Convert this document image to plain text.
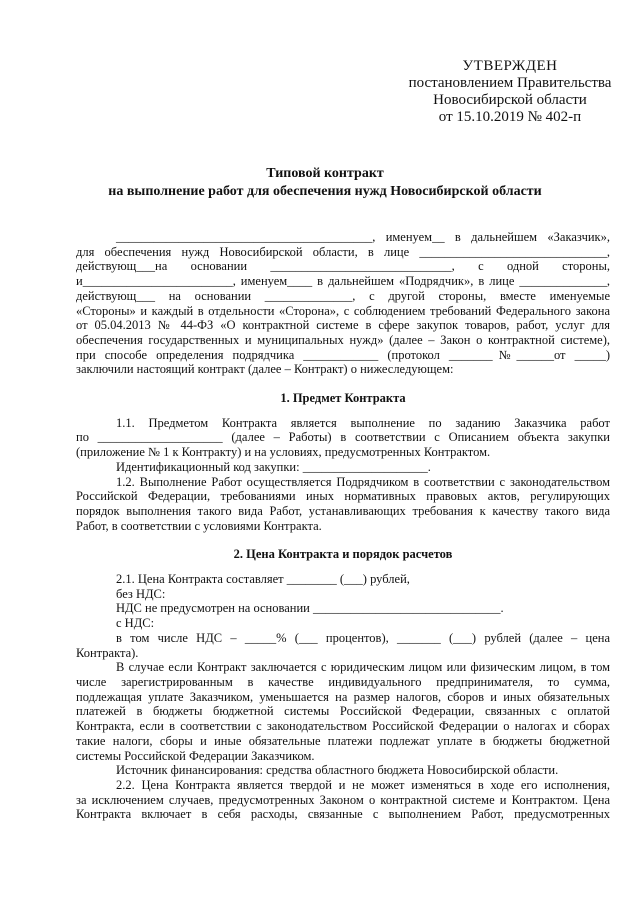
УТВЕРЖДЕН
постановлением Правительства
Новосибирской области
от 15.10.2019 № 402-п
Типовой контракт
на выполнение работ для обеспечения нужд Новосибирской области

_________________________________________, именуем__ в дальнейшем «Заказчик»,

для обеспечения нужд Новосибирской области, в лице ______________________________,

действующ___на основании _____________________________, с одной стороны,

и________________________, именуем____ в дальнейшем «Подрядчик», в лице ______________,

действующ___ на основании ______________, с другой стороны, вместе именуемые

«Стороны» и каждый в отдельности «Сторона», с соблюдением требований Федерального закона

от 05.04.2013 № 44-ФЗ «О контрактной системе в сфере закупок товаров, работ, услуг для

обеспечения государственных и муниципальных нужд» (далее – Закон о контрактной системе),

при способе определения подрядчика ____________ (протокол _______№______от _____)

заключили настоящий контракт (далее – Контракт) о нижеследующем:

1. Предмет Контракта

1.1. Предметом Контракта является выполнение по заданию Заказчика работ

по ____________________ (далее – Работы) в соответствии с Описанием объекта закупки

(приложение № 1 к Контракту) и на условиях, предусмотренных Контрактом.

Идентификационный код закупки: ____________________.

1.2. Выполнение Работ осуществляется Подрядчиком в соответствии с законодательством

Российской Федерации, требованиями иных нормативных правовых актов, регулирующих

порядок выполнения такого вида Работ, устанавливающих требования к качеству такого вида

Работ, в соответствии с условиями Контракта.

2. Цена Контракта и порядок расчетов

2.1. Цена Контракта составляет ________ (___) рублей,

без НДС:

НДС не предусмотрен на основании ______________________________.

с НДС:

в том числе НДС – _____% (___ процентов), _______ (___) рублей (далее – цена

Контракта).

В случае если Контракт заключается с юридическим лицом или физическим лицом, в том

числе зарегистрированным в качестве индивидуального предпринимателя, то сумма,

подлежащая уплате Заказчиком, уменьшается на размер налогов, сборов и иных обязательных

платежей в бюджеты бюджетной системы Российской Федерации, связанных с оплатой

Контракта, если в соответствии с законодательством Российской Федерации о налогах и сборах

такие налоги, сборы и иные обязательные платежи подлежат уплате в бюджеты бюджетной

системы Российской Федерации Заказчиком.

Источник финансирования: средства областного бюджета Новосибирской области.

2.2. Цена Контракта является твердой и не может изменяться в ходе его исполнения,

за исключением случаев, предусмотренных Законом о контрактной системе и Контрактом. Цена

Контракта включает в себя расходы, связанные с выполнением Работ, предусмотренных
